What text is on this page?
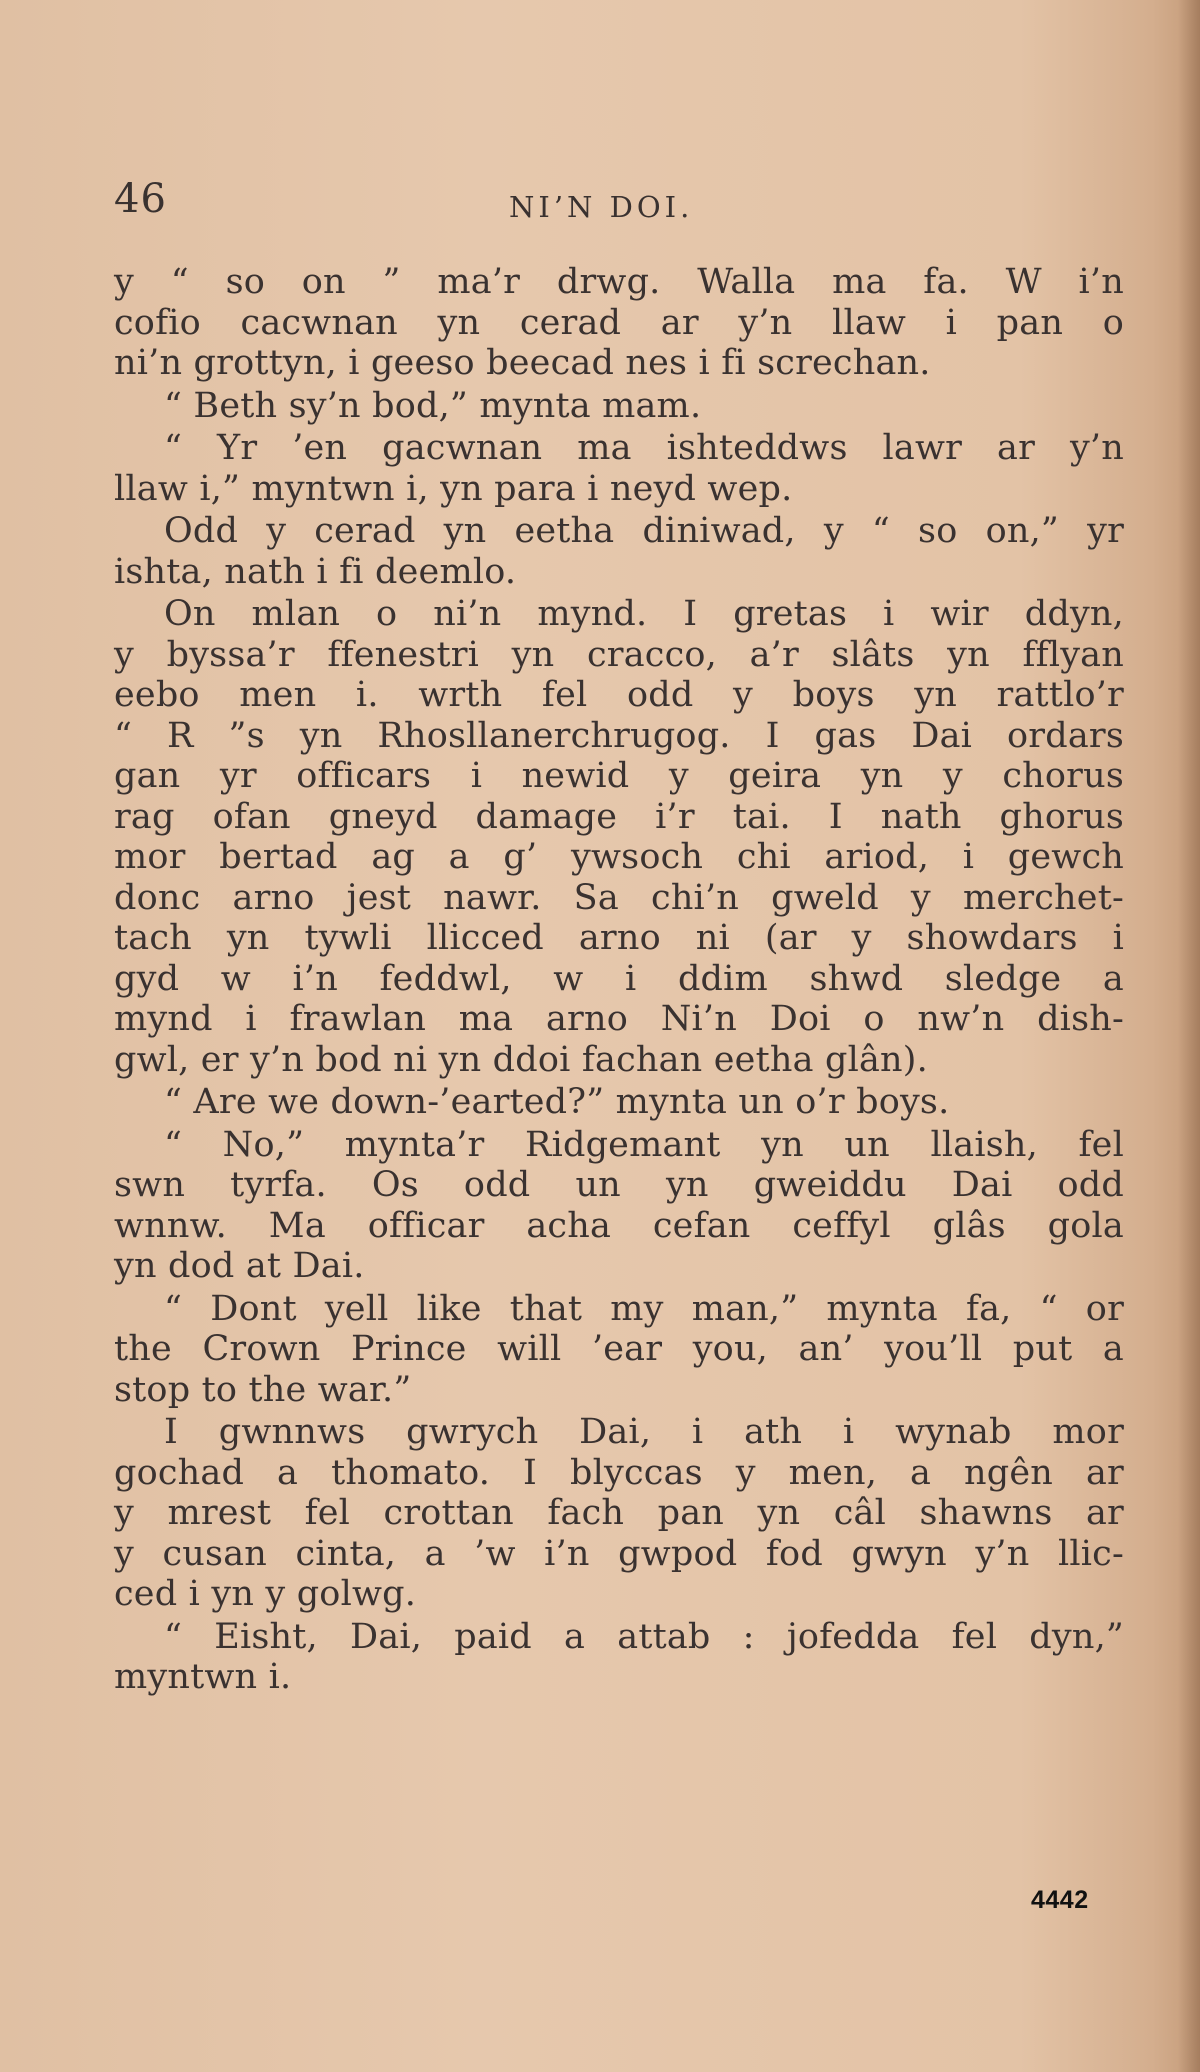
46	NI’N DOI.
y “ so on ” ma’r drwg. Walla ma fa. W i’n
cofio cacwnan yn cerad ar y’n llaw i pan o
ni’n grottyn, i geeso beecad nes i fi screchan.
“ Beth sy’n bod,” mynta mam.
“ Yr ’en gacwnan ma ishteddws lawr ar y’n
llaw i,” myntwn i, yn para i neyd wep.
Odd y cerad yn eetha diniwad, y “ so on,” yr
ishta, nath i fi deemlo.
On mlan o ni’n mynd. I gretas i wir ddyn,
y byssa’r ffenestri yn cracco, a’r slâts yn fflyan
eebo men i. wrth fel odd y boys yn rattlo’r
“ R ”s yn Rhosllanerchrugog. I gas Dai ordars
gan yr officars i newid y geira yn y chorus
rag ofan gneyd damage i’r tai. I nath ghorus
mor bertad ag a g’ ywsoch chi ariod, i gewch
donc arno jest nawr. Sa chi’n gweld y merchet-
tach yn tywli llicced arno ni (ar y showdars i
gyd w i’n feddwl, w i ddim shwd sledge a
mynd i frawlan ma arno Ni’n Doi o nw’n dish-
gwl, er y’n bod ni yn ddoi fachan eetha glân).
“ Are we down-’earted?” mynta un o’r boys.
“ No,” mynta’r Ridgemant yn un llaish, fel
swn tyrfa. Os odd un yn gweiddu Dai odd
wnnw. Ma officar acha cefan ceffyl glâs gola
yn dod at Dai.
“ Dont yell like that my man,” mynta fa, “ or
the Crown Prince will ’ear you, an’ you’ll put a
stop to the war.”
I gwnnws gwrych Dai, i ath i wynab mor
gochad a thomato. I blyccas y men, a ngên ar
y mrest fel crottan fach pan yn câl shawns ar
y cusan cinta, a ’w i’n gwpod fod gwyn y’n llic-
ced i yn y golwg.
“ Eisht, Dai, paid a attab : jofedda fel dyn,”
myntwn i.
4442
